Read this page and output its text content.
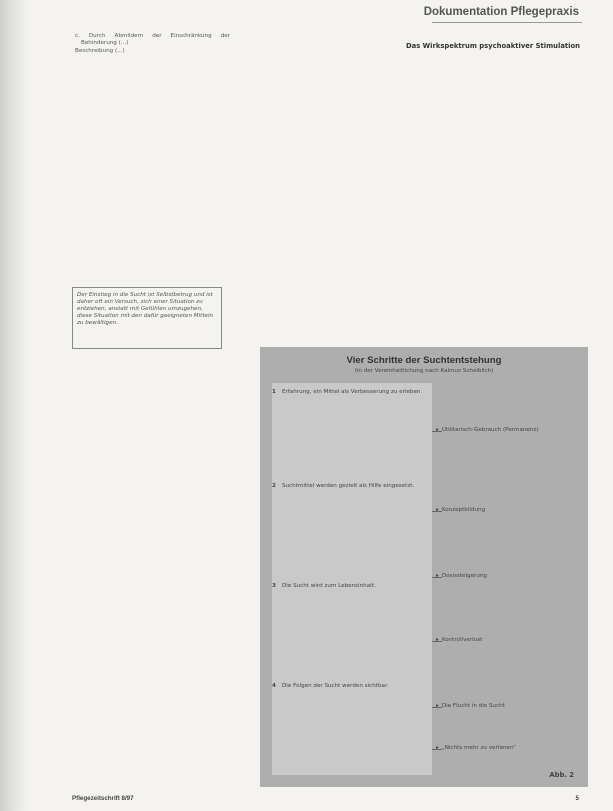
Dokumentation Pflegepraxis

c. Durch Abmildern der Einschränkung der Behinderung (...)

Beschreibung (...)

Der Einstieg in die Sucht ist Selbstbetrug und ist daher oft ein Versuch, sich einer Situation zu entziehen, anstatt mit Gefühlen umzugehen, diese Situation mit den dafür geeigneten Mitteln zu bewältigen.
Das Wirkspektrum psychoaktiver Stimulation
Vier Schritte der Suchtentstehung
(in der Vereinheitlichung nach Kalmus Scheiblich)
1	Erfahrung, ein Mittel als Verbesserung zu erleben.
2	Suchtmittel werden gezielt als Hilfe eingesetzt.
3	Die Sucht wird zum Lebensinhalt.
4	Die Folgen der Sucht werden sichtbar.
▸ Utilitarisch-Gebrauch (Permanenz)
▸ Konzeptbildung
▸ Dosissteigerung
▸ Kontrollverlust
▸ Die Flucht in die Sucht
▸ „Nichts mehr zu verlieren“
Abb. 2
Pflegezeitschrift 8/97	5
